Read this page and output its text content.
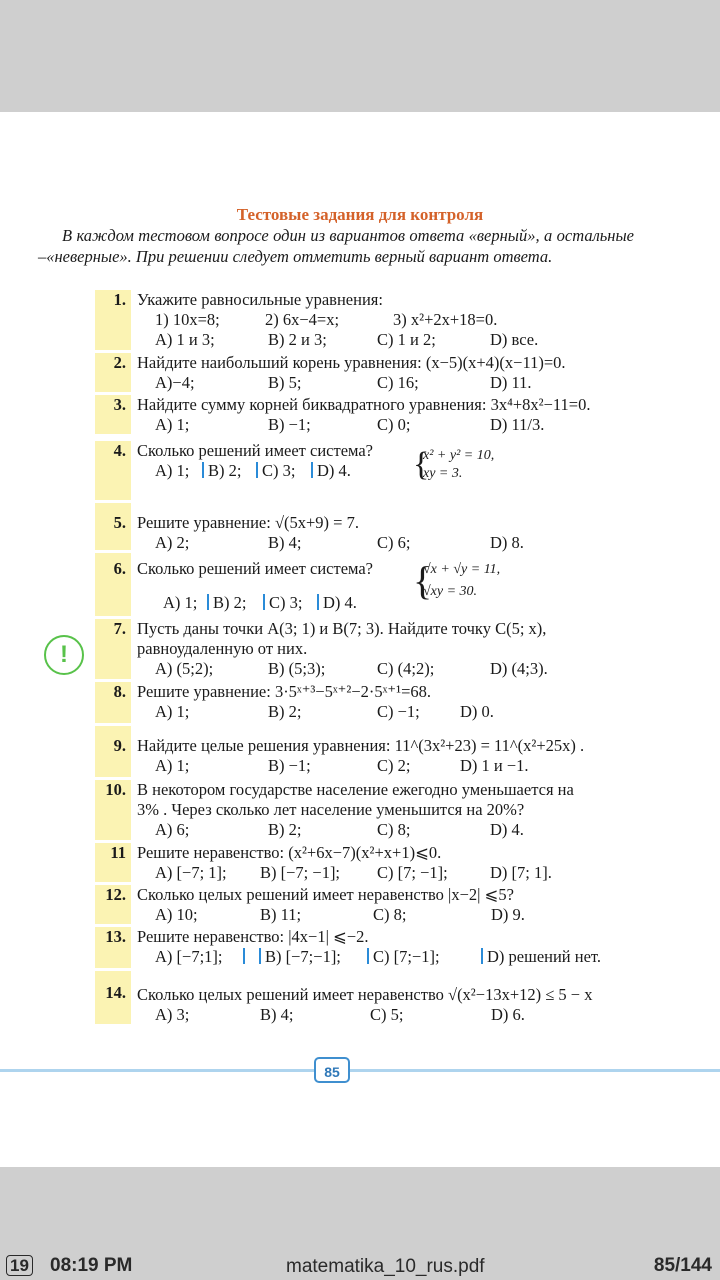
Тестовые задания для контроля
В каждом тестовом вопросе один из вариантов ответа «верный», а остальные –«неверные». При решении следует отметить верный вариант ответа.
1. Укажите равносильные уравнения:
1) 10x=8;	2) 6x−4=x;	3) x²+2x+18=0.
A) 1 и 3;	B) 2 и 3;	C) 1 и 2;	D) все.
2. Найдите наибольший корень уравнения: (x−5)(x+4)(x−11)=0.
A)−4;	B) 5;	C) 16;	D) 11.
3. Найдите сумму корней биквадратного уравнения: 3x⁴+8x²−11=0.
A) 1;	B) −1;	C) 0;	D) 11/3.
4. Сколько решений имеет система?
A) 1; B) 2; C) 3; D) 4. {
x² + y² = 10,
xy = 3.
5. Решите уравнение: √(5x+9) = 7.
A) 2;	B) 4;	C) 6;	D) 8.
6. Сколько решений имеет система?
A) 1; B) 2; C) 3; D) 4. {
√x + √y = 11,
√xy = 30.
7. Пусть даны точки A(3; 1) и B(7; 3). Найдите точку C(5; x),
равноудаленную от них.
A) (5;2);	B) (5;3);	C) (4;2);	D) (4;3).
8. Решите уравнение: 3·5ˣ⁺³−5ˣ⁺²−2·5ˣ⁺¹=68.
A) 1;	B) 2;	C) −1; D) 0.
9. Найдите целые решения уравнения: 11^(3x²+23) = 11^(x²+25x) .
A) 1;	B) −1;	C) 2;	D) 1 и −1.
10. В некотором государстве население ежегодно уменьшается на
3% . Через сколько лет население уменьшится на 20%?
A) 6;	B) 2;	C) 8;	D) 4.
11 Решите неравенство: (x²+6x−7)(x²+x+1)⩽0.
A) [−7; 1]; B) [−7; −1]; C) [7; −1];	D) [7; 1].
12. Сколько целых решений имеет неравенство |x−2| ⩽5?
A) 10;	B) 11;	C) 8;	D) 9.
13. Решите неравенство: |4x−1| ⩽−2.
A) [−7;1];	B) [−7;−1]; C) [7;−1];	D) решений нет.
14. Сколько целых решений имеет неравенство √(x²−13x+12) ≤ 5 − x
A) 3;	B) 4;	C) 5;	D) 6.
!
85
19 08:19 PM	matematika_10_rus.pdf	85/144
